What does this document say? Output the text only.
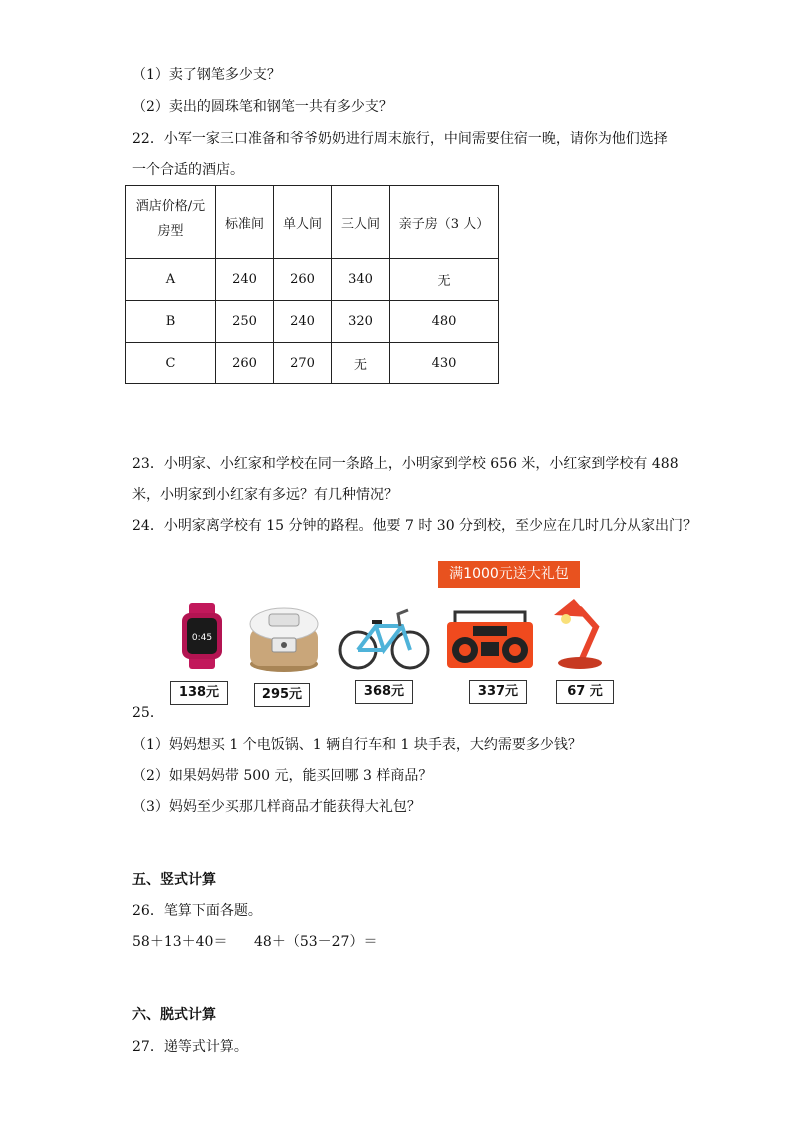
（1）卖了钢笔多少支？
（2）卖出的圆珠笔和钢笔一共有多少支？
22．小军一家三口准备和爷爷奶奶进行周末旅行，中间需要住宿一晚，请你为他们选择
一个合适的酒店。
酒店价格/元
房型	标准间	单人间	三人间	亲子房（3 人）
A	240	260	340	无
B	250	240	320	480
C	260	270	无	430
23．小明家、小红家和学校在同一条路上，小明家到学校 656 米，小红家到学校有 488
米，小明家到小红家有多远？有几种情况？
24．小明家离学校有 15 分钟的路程。他要 7 时 30 分到校，至少应在几时几分从家出门？
满1000元送大礼包
0:45
138元	295元	368元	337元	67 元
25．
（1）妈妈想买 1 个电饭锅、1 辆自行车和 1 块手表，大约需要多少钱？
（2）如果妈妈带 500 元，能买回哪 3 样商品？
（3）妈妈至少买那几样商品才能获得大礼包？
五、竖式计算
26．笔算下面各题。
58＋13＋40＝ 48＋（53－27）＝
六、脱式计算
27．递等式计算。
